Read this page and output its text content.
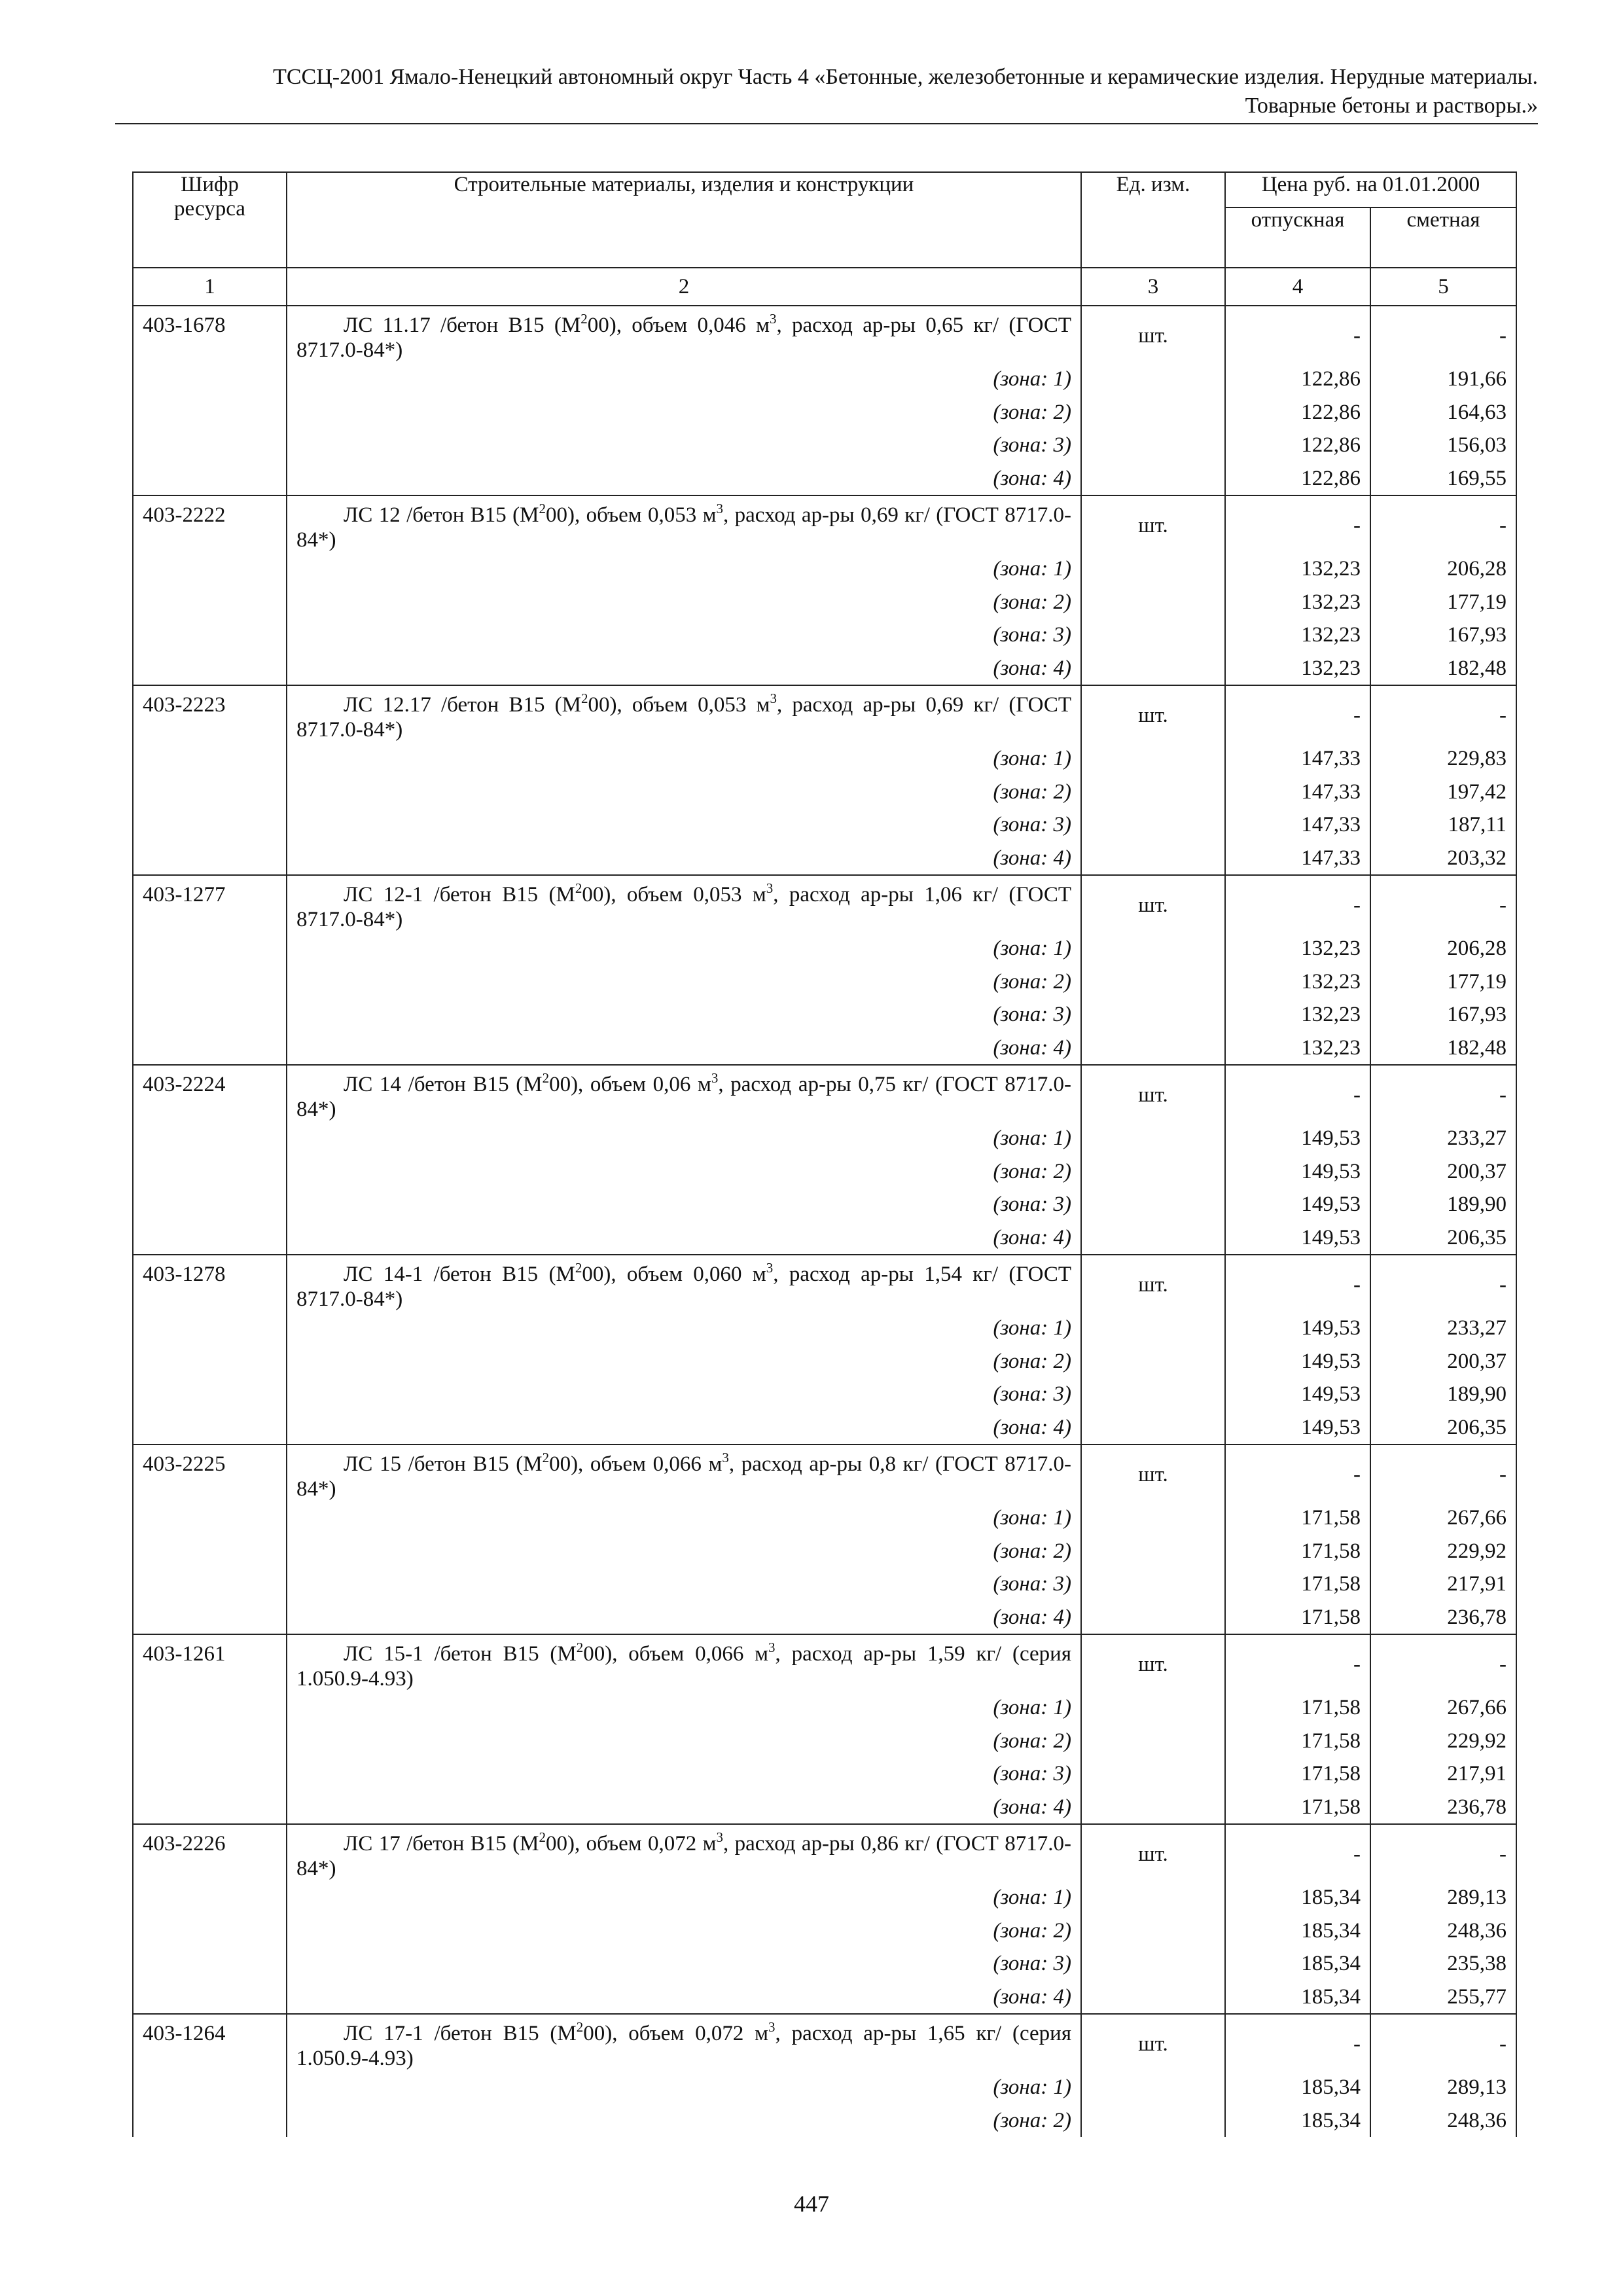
ТССЦ-2001 Ямало-Ненецкий автономный округ Часть 4 «Бетонные, железобетонные и керамические изделия. Нерудные материалы.
Товарные бетоны и растворы.»
Шифр ресурса	Строительные материалы, изделия и конструкции	Ед. изм.	Цена руб. на 01.01.2000	
			отпускная	сметная
1	2	3	4	5
403-1678	ЛС 11.17 /бетон В15 $(М^200)$, объем 0,046 $м^3$, расход ар-ры 0,65 кг/ (ГОСТ 8717.0-84*)	шт.	-	-
	(зона: 1)		122,86	191,66
	(зона: 2)		122,86	164,63
	(зона: 3)		122,86	156,03
	(зона: 4)		122,86	169,55
403-2222	ЛС 12 /бетон В15 $(М^200)$, объем 0,053 $м^3$, расход ар-ры 0,69 кг/ (ГОСТ 8717.0-84*)	шт.	-	-
	(зона: 1)		132,23	206,28
	(зона: 2)		132,23	177,19
	(зона: 3)		132,23	167,93
	(зона: 4)		132,23	182,48
403-2223	ЛС 12.17 /бетон В15 $(М^200)$, объем 0,053 $м^3$, расход ар-ры 0,69 кг/ (ГОСТ 8717.0-84*)	шт.	-	-
	(зона: 1)		147,33	229,83
	(зона: 2)		147,33	197,42
	(зона: 3)		147,33	187,11
	(зона: 4)		147,33	203,32
403-1277	ЛС 12-1 /бетон В15 $(М^200)$, объем 0,053 $м^3$, расход ар-ры 1,06 кг/ (ГОСТ 8717.0-84*)	шт.	-	-
	(зона: 1)		132,23	206,28
	(зона: 2)		132,23	177,19
	(зона: 3)		132,23	167,93
	(зона: 4)		132,23	182,48
403-2224	ЛС 14 /бетон В15 $(М^200)$, объем 0,06 $м^3$, расход ар-ры 0,75 кг/ (ГОСТ 8717.0-84*)	шт.	-	-
	(зона: 1)		149,53	233,27
	(зона: 2)		149,53	200,37
	(зона: 3)		149,53	189,90
	(зона: 4)		149,53	206,35
403-1278	ЛС 14-1 /бетон В15 $(М^200)$, объем 0,060 $м^3$, расход ар-ры 1,54 кг/ (ГОСТ 8717.0-84*)	шт.	-	-
	(зона: 1)		149,53	233,27
	(зона: 2)		149,53	200,37
	(зона: 3)		149,53	189,90
	(зона: 4)		149,53	206,35
403-2225	ЛС 15 /бетон В15 $(М^200)$, объем 0,066 $м^3$, расход ар-ры 0,8 кг/ (ГОСТ 8717.0-84*)	шт.	-	-
	(зона: 1)		171,58	267,66
	(зона: 2)		171,58	229,92
	(зона: 3)		171,58	217,91
	(зона: 4)		171,58	236,78
403-1261	ЛС 15-1 /бетон В15 $(М^200)$, объем 0,066 $м^3$, расход ар-ры 1,59 кг/ (серия 1.050.9-4.93)	шт.	-	-
	(зона: 1)		171,58	267,66
	(зона: 2)		171,58	229,92
	(зона: 3)		171,58	217,91
	(зона: 4)		171,58	236,78
403-2226	ЛС 17 /бетон В15 $(М^200)$, объем 0,072 $м^3$, расход ар-ры 0,86 кг/ (ГОСТ 8717.0-84*)	шт.	-	-
	(зона: 1)		185,34	289,13
	(зона: 2)		185,34	248,36
	(зона: 3)		185,34	235,38
	(зона: 4)		185,34	255,77
403-1264	ЛС 17-1 /бетон В15 $(М^200)$, объем 0,072 $м^3$, расход ар-ры 1,65 кг/ (серия 1.050.9-4.93)	шт.	-	-
	(зона: 1)		185,34	289,13
	(зона: 2)		185,34	248,36
447
